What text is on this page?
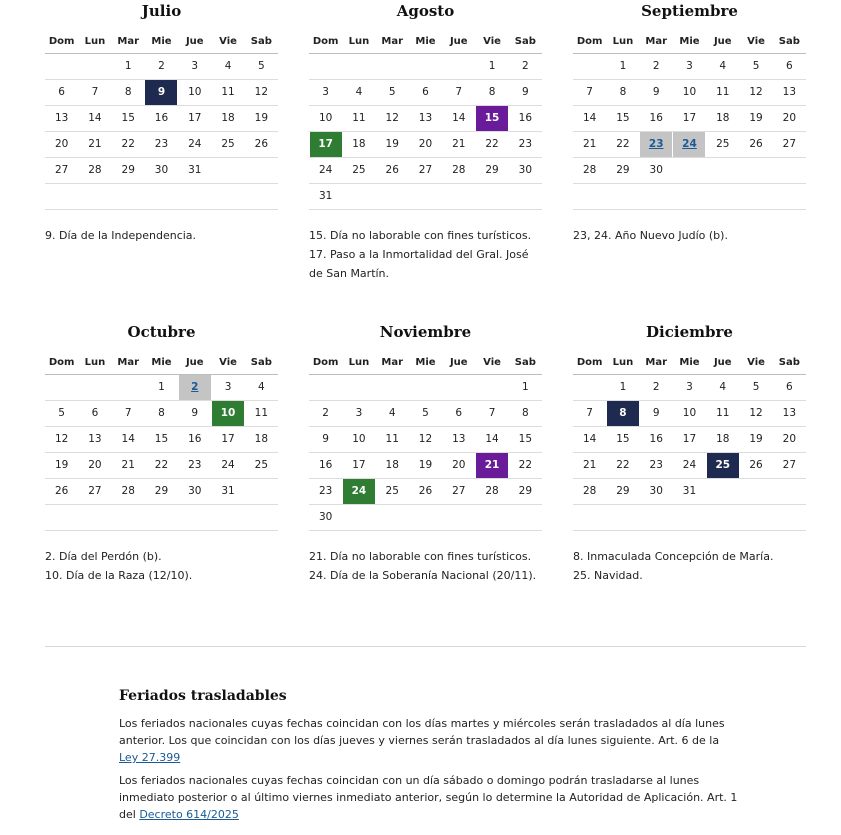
Julio
Dom	Lun	Mar	Mie	Jue	Vie	Sab
		1	2	3	4	5
6	7	8	9	10	11	12
13	14	15	16	17	18	19
20	21	22	23	24	25	26
27	28	29	30	31		

9. Día de la Independencia.

Agosto
Dom	Lun	Mar	Mie	Jue	Vie	Sab
					1	2
3	4	5	6	7	8	9
10	11	12	13	14	15	16
17	18	19	20	21	22	23
24	25	26	27	28	29	30
31						

15. Día no laborable con fines turísticos.

17. Paso a la Inmortalidad del Gral. José de San Martín.

Septiembre
Dom	Lun	Mar	Mie	Jue	Vie	Sab
	1	2	3	4	5	6
7	8	9	10	11	12	13
14	15	16	17	18	19	20
21	22	23	24	25	26	27
28	29	30				

23, 24. Año Nuevo Judío (b).

Octubre
Dom	Lun	Mar	Mie	Jue	Vie	Sab
			1	2	3	4
5	6	7	8	9	10	11
12	13	14	15	16	17	18
19	20	21	22	23	24	25
26	27	28	29	30	31	

2. Día del Perdón (b).

10. Día de la Raza (12/10).

Noviembre
Dom	Lun	Mar	Mie	Jue	Vie	Sab
						1
2	3	4	5	6	7	8
9	10	11	12	13	14	15
16	17	18	19	20	21	22
23	24	25	26	27	28	29
30						

21. Día no laborable con fines turísticos.

24. Día de la Soberanía Nacional (20/11).

Diciembre
Dom	Lun	Mar	Mie	Jue	Vie	Sab
	1	2	3	4	5	6
7	8	9	10	11	12	13
14	15	16	17	18	19	20
21	22	23	24	25	26	27
28	29	30	31			

8. Inmaculada Concepción de María.

25. Navidad.

Feriados trasladables

Los feriados nacionales cuyas fechas coincidan con los días martes y miércoles serán trasladados al día lunes anterior. Los que coincidan con los días jueves y viernes serán trasladados al día lunes siguiente. Art. 6 de la Ley 27.399

Los feriados nacionales cuyas fechas coincidan con un día sábado o domingo podrán trasladarse al lunes inmediato posterior o al último viernes inmediato anterior, según lo determine la Autoridad de Aplicación. Art. 1 del Decreto 614/2025
